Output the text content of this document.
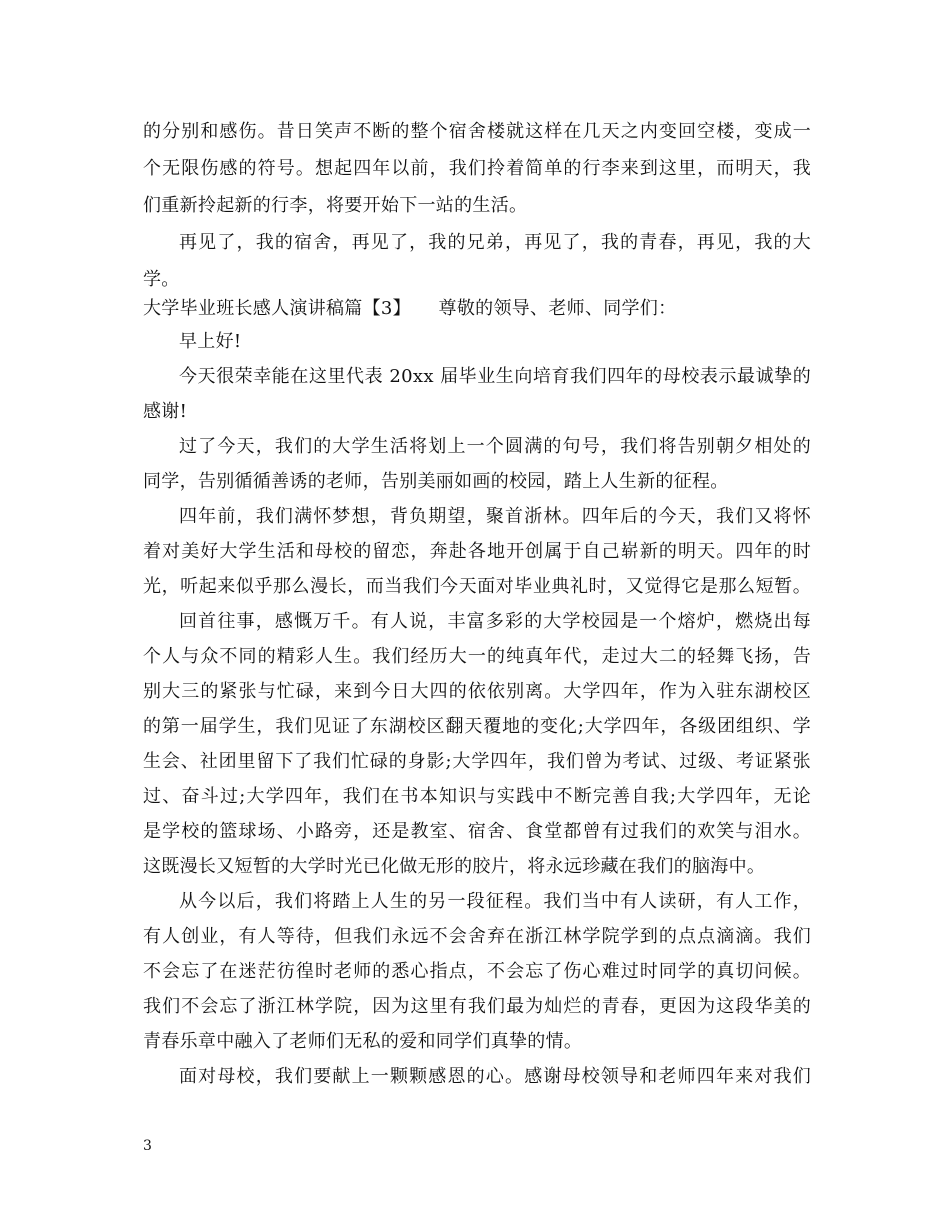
的分别和感伤。昔日笑声不断的整个宿舍楼就这样在几天之内变回空楼，变成一
个无限伤感的符号。想起四年以前，我们拎着简单的行李来到这里，而明天，我
们重新拎起新的行李，将要开始下一站的生活。
再见了，我的宿舍，再见了，我的兄弟，再见了，我的青春，再见，我的大
学。
大学毕业班长感人演讲稿篇【3】　　尊敬的领导、老师、同学们：
早上好!
今天很荣幸能在这里代表 20xx 届毕业生向培育我们四年的母校表示最诚挚的
感谢!
过了今天，我们的大学生活将划上一个圆满的句号，我们将告别朝夕相处的
同学，告别循循善诱的老师，告别美丽如画的校园，踏上人生新的征程。
四年前，我们满怀梦想，背负期望，聚首浙林。四年后的今天，我们又将怀
着对美好大学生活和母校的留恋，奔赴各地开创属于自己崭新的明天。四年的时
光，听起来似乎那么漫长，而当我们今天面对毕业典礼时，又觉得它是那么短暂。
回首往事，感慨万千。有人说，丰富多彩的大学校园是一个熔炉，燃烧出每
个人与众不同的精彩人生。我们经历大一的纯真年代，走过大二的轻舞飞扬，告
别大三的紧张与忙碌，来到今日大四的依依别离。大学四年，作为入驻东湖校区
的第一届学生，我们见证了东湖校区翻天覆地的变化;大学四年，各级团组织、学
生会、社团里留下了我们忙碌的身影;大学四年，我们曾为考试、过级、考证紧张
过、奋斗过;大学四年，我们在书本知识与实践中不断完善自我;大学四年，无论
是学校的篮球场、小路旁，还是教室、宿舍、食堂都曾有过我们的欢笑与泪水。
这既漫长又短暂的大学时光已化做无形的胶片，将永远珍藏在我们的脑海中。
从今以后，我们将踏上人生的另一段征程。我们当中有人读研，有人工作，
有人创业，有人等待，但我们永远不会舍弃在浙江林学院学到的点点滴滴。我们
不会忘了在迷茫彷徨时老师的悉心指点，不会忘了伤心难过时同学的真切问候。
我们不会忘了浙江林学院，因为这里有我们最为灿烂的青春，更因为这段华美的
青春乐章中融入了老师们无私的爱和同学们真挚的情。
面对母校，我们要献上一颗颗感恩的心。感谢母校领导和老师四年来对我们
3
